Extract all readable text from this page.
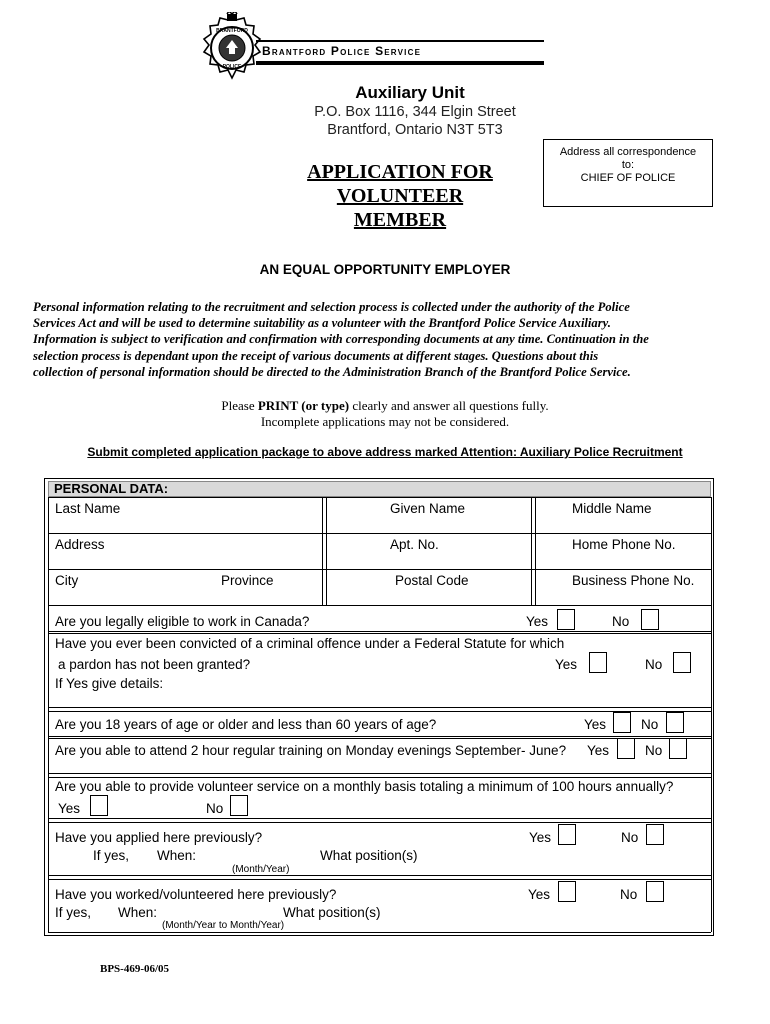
BRANTFORD
POLICE
Brantford Police Service
Auxiliary Unit
P.O. Box 1116, 344 Elgin Street
Brantford, Ontario N3T 5T3
Address all correspondence
to:
CHIEF OF POLICE
APPLICATION FOR
VOLUNTEER
MEMBER
AN EQUAL OPPORTUNITY EMPLOYER
Personal information relating to the recruitment and selection process is collected under the authority of the Police
Services Act and will be used to determine suitability as a volunteer with the Brantford Police Service Auxiliary.
Information is subject to verification and confirmation with corresponding documents at any time. Continuation in the
selection process is dependant upon the receipt of various documents at different stages. Questions about this
collection of personal information should be directed to the Administration Branch of the Brantford Police Service.
Please PRINT (or type) clearly and answer all questions fully.
Incomplete applications may not be considered.
Submit completed application package to above address marked Attention: Auxiliary Police Recruitment
PERSONAL DATA:
Last Name	Given Name	Middle Name
Address	Apt. No.	Home Phone No.
City	Province	Postal Code	Business Phone No.
Are you legally eligible to work in Canada?	Yes	No
Have you ever been convicted of a criminal offence under a Federal Statute for which
a pardon has not been granted?	Yes	No
If Yes give details:
Are you 18 years of age or older and less than 60 years of age?	Yes	No
Are you able to attend 2 hour regular training on Monday evenings September- June? Yes	No
Are you able to provide volunteer service on a monthly basis totaling a minimum of 100 hours annually?
Yes	No
Have you applied here previously?	Yes	No
If yes, When:	What position(s)
(Month/Year)
Have you worked/volunteered here previously?	Yes	No
If yes, When:	What position(s)
(Month/Year to Month/Year)
BPS-469-06/05
